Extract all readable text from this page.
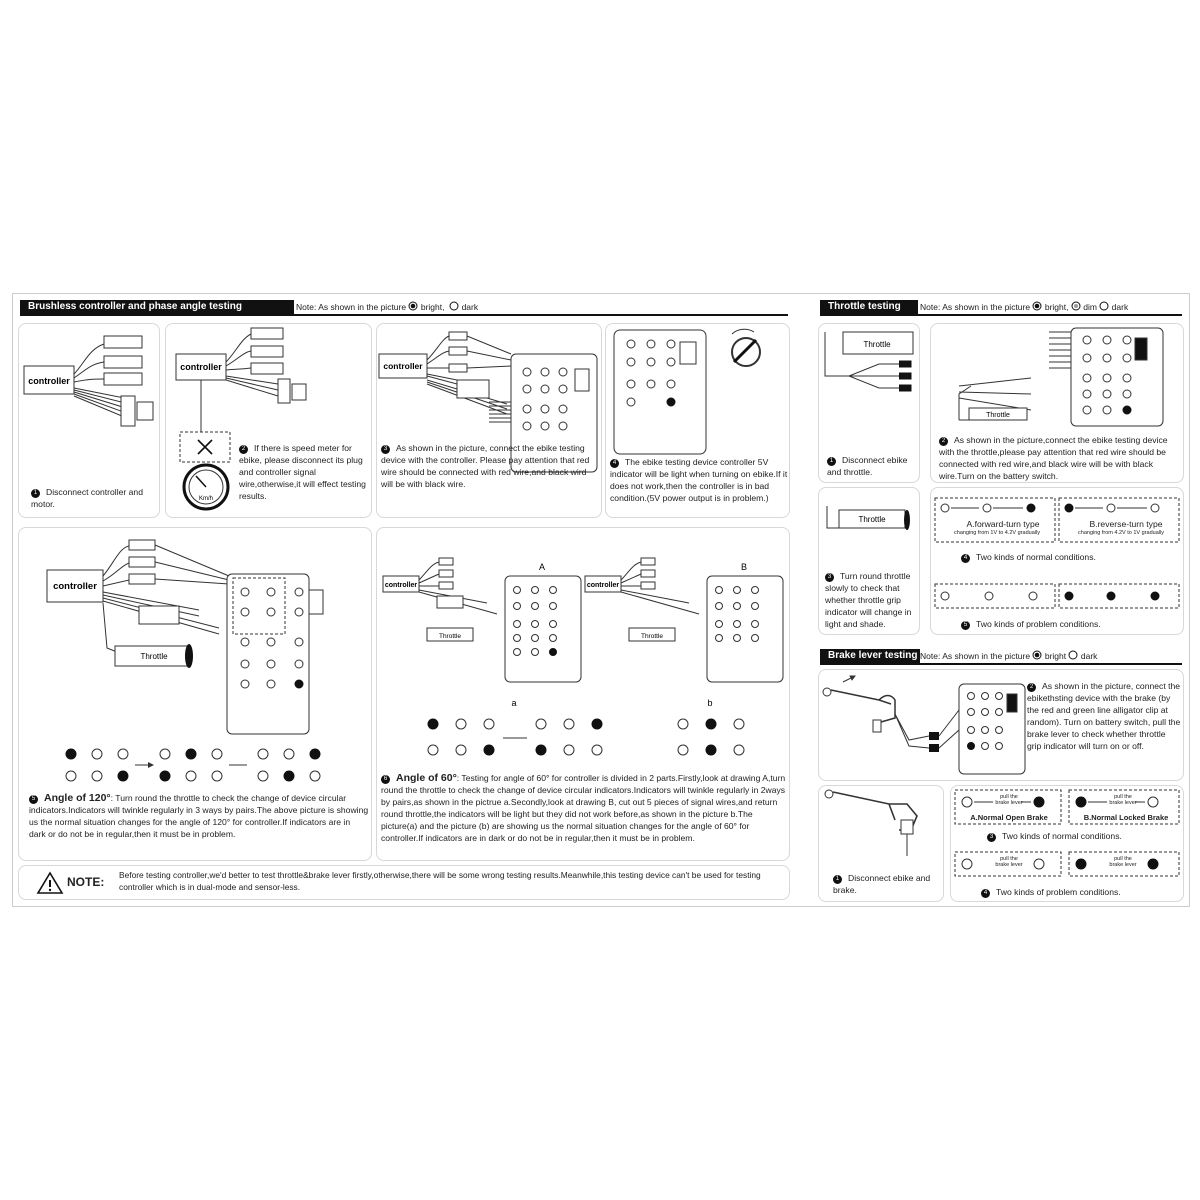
Brushless controller and phase angle testing	Note: As shown in the picture bright, dark
controller
1 Disconnect controller and motor.
controller
Km/h
2 If there is speed meter for ebike, please disconnect its plug and controller signal wire,otherwise,it will effect testing results.
controller
3 As shown in the picture, connect the ebike testing device with the controller. Please pay attention that red wire should be connected with red wire,and black wird will be with black wire.
4 The ebike testing device controller 5V indicator will be light when turning on ebike.If it does not work,then the controller is in bad condition.(5V power output is in problem.)
controller
Throttle
5 Angle of 120°: Turn round the throttle to check the change of device circular indicators.Indicators will twinkle regularly in 3 ways by pairs.The above picture is showing us the normal situation changes for the angle of 120° for controller.If indicators are in dark or do not be in regular,then it must be in problem.
A	B
controller
Throttle
controller
Throttle
a	b
6 Angle of 60°: Testing for angle of 60° for controller is divided in 2 parts.Firstly,look at drawing A,turn round the throttle to check the change of device circular indicators.Indicators will twinkle regularly in 2ways by pairs,as shown in the pictrue a.Secondly,look at drawing B, cut out 5 pieces of signal wires,and return round throttle,the indicators will be light but they did not work before,as shown in the picture b.The picture(a) and the picture (b) are showing us the normal situation changes for the angle of 60° for controller.If indicators are in dark or do not be in regular,then it must be in problem.
NOTE: Before testing controller,we'd better to test throttle&brake lever firstly,otherwise,there will be some wrong testing results.Meanwhile,this testing device can't be used for testing controller which is in dual-mode and sensor-less.
Throttle testing	Note: As shown in the picture bright, dim dark
Throttle
1 Disconnect ebike and throttle.
Throttle
2 As shown in the picture,connect the ebike testing device with the throttle,please pay attention that red wire should be connected with red wire,and black wire will be with black wire.Turn on the battery switch.
Throttle
3 Turn round throttle slowly to check that whether throttle grip indicator will change in light and shade.
A.forward-turn type
changing from 1V to 4.2V gradually
B.reverse-turn type
changing from 4.2V to 1V gradually
4 Two kinds of normal conditions.
5 Two kinds of problem conditions.
Brake lever testing Note: As shown in the picture bright dark
2 As shown in the picture, connect the ebikethsting device with the brake (by the red and green line alligator clip at random). Turn on battery switch, pull the brake lever to check whether throttle grip indicator will turn on or off.
1 Disconnect ebike and brake.
pull the brake lever
pull the brake lever
pull the brake lever
pull the brake lever
A.Normal Open Brake	B.Normal Locked Brake
3 Two kinds of normal conditions.
4 Two kinds of problem conditions.
